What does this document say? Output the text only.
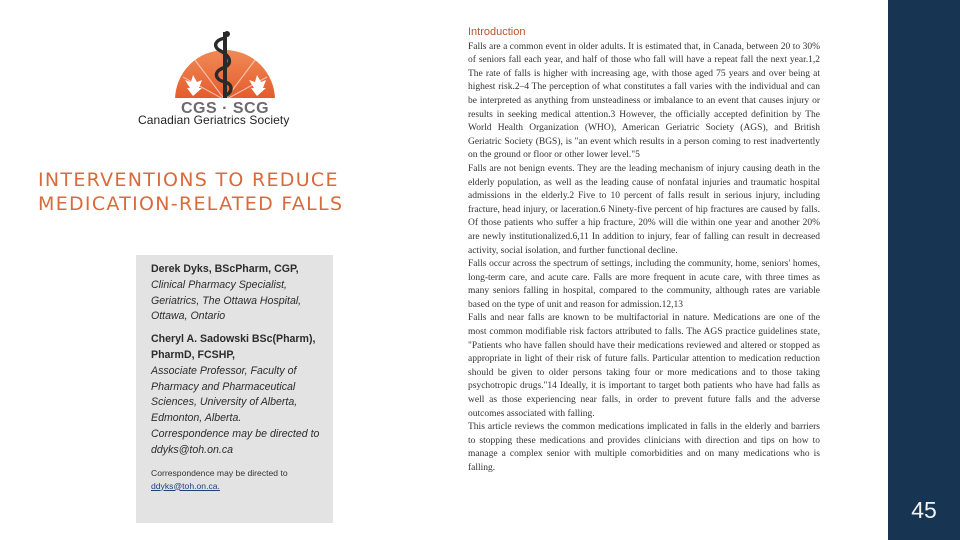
CGS · SCG
Canadian Geriatrics Society
INTERVENTIONS TO REDUCE
MEDICATION-RELATED FALLS
Derek Dyks, BScPharm, CGP,
Clinical Pharmacy Specialist, Geriatrics, The Ottawa Hospital, Ottawa, Ontario
Cheryl A. Sadowski BSc(Pharm), PharmD, FCSHP,
Associate Professor, Faculty of Pharmacy and Pharmaceutical Sciences, University of Alberta, Edmonton, Alberta. Correspondence may be directed to ddyks@toh.on.ca
Correspondence may be directed to
ddyks@toh.on.ca.
Introduction

Falls are a common event in older adults. It is estimated that, in Canada, between 20 to 30% of seniors fall each year, and half of those who fall will have a repeat fall the next year.1,2 The rate of falls is higher with increasing age, with those aged 75 years and over being at highest risk.2–4 The perception of what constitutes a fall varies with the individual and can be interpreted as anything from unsteadiness or imbalance to an event that causes injury or results in seeking medical attention.3 However, the officially accepted definition by The World Health Organization (WHO), American Geriatric Society (AGS), and British Geriatric Society (BGS), is "an event which results in a person coming to rest inadvertently on the ground or floor or other lower level."5

Falls are not benign events. They are the leading mechanism of injury causing death in the elderly population, as well as the leading cause of nonfatal injuries and traumatic hospital admissions in the elderly.2 Five to 10 percent of falls result in serious injury, including fracture, head injury, or laceration.6 Ninety-five percent of hip fractures are caused by falls. Of those patients who suffer a hip fracture, 20% will die within one year and another 20% are newly institutionalized.6,11 In addition to injury, fear of falling can result in decreased activity, social isolation, and further functional decline.

Falls occur across the spectrum of settings, including the community, home, seniors' homes, long-term care, and acute care. Falls are more frequent in acute care, with three times as many seniors falling in hospital, compared to the community, although rates are variable based on the type of unit and reason for admission.12,13

Falls and near falls are known to be multifactorial in nature. Medications are one of the most common modifiable risk factors attributed to falls. The AGS practice guidelines state, "Patients who have fallen should have their medications reviewed and altered or stopped as appropriate in light of their risk of future falls. Particular attention to medication reduction should be given to older persons taking four or more medications and to those taking psychotropic drugs."14 Ideally, it is important to target both patients who have had falls as well as those experiencing near falls, in order to prevent future falls and the adverse outcomes associated with falling.

This article reviews the common medications implicated in falls in the elderly and barriers to stopping these medications and provides clinicians with direction and tips on how to manage a complex senior with multiple comorbidities and on many medications who is falling.

45
